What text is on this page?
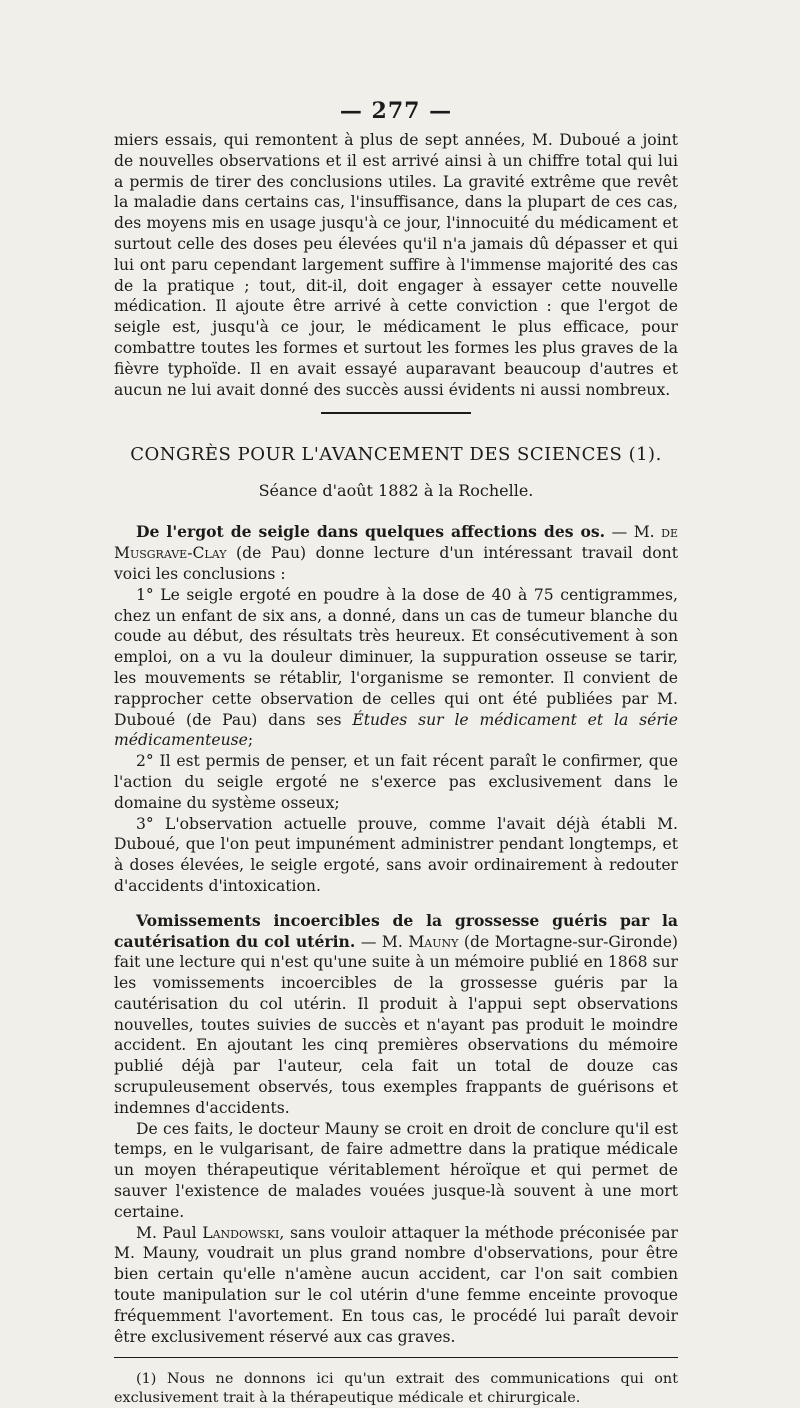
— 277 —

miers essais, qui remontent à plus de sept années, M. Duboué a joint de nouvelles observations et il est arrivé ainsi à un chiffre total qui lui a permis de tirer des conclusions utiles. La gravité extrême que revêt la maladie dans certains cas, l'insuffisance, dans la plupart de ces cas, des moyens mis en usage jusqu'à ce jour, l'innocuité du médicament et surtout celle des doses peu élevées qu'il n'a jamais dû dépasser et qui lui ont paru cependant largement suffire à l'immense majorité des cas de la pratique ; tout, dit-il, doit engager à essayer cette nouvelle médication. Il ajoute être arrivé à cette conviction : que l'ergot de seigle est, jusqu'à ce jour, le médicament le plus efficace, pour combattre toutes les formes et surtout les formes les plus graves de la fièvre typhoïde. Il en avait essayé auparavant beaucoup d'autres et aucun ne lui avait donné des succès aussi évidents ni aussi nombreux.

CONGRÈS POUR L'AVANCEMENT DES SCIENCES (1).
Séance d'août 1882 à la Rochelle.

De l'ergot de seigle dans quelques affections des os. — M. de Musgrave-Clay (de Pau) donne lecture d'un intéressant travail dont voici les conclusions :

1° Le seigle ergoté en poudre à la dose de 40 à 75 centigrammes, chez un enfant de six ans, a donné, dans un cas de tumeur blanche du coude au début, des résultats très heureux. Et consécutivement à son emploi, on a vu la douleur diminuer, la suppuration osseuse se tarir, les mouvements se rétablir, l'organisme se remonter. Il convient de rapprocher cette observation de celles qui ont été publiées par M. Duboué (de Pau) dans ses Études sur le médicament et la série médicamenteuse;

2° Il est permis de penser, et un fait récent paraît le confirmer, que l'action du seigle ergoté ne s'exerce pas exclusivement dans le domaine du système osseux;

3° L'observation actuelle prouve, comme l'avait déjà établi M. Duboué, que l'on peut impunément administrer pendant longtemps, et à doses élevées, le seigle ergoté, sans avoir ordinairement à redouter d'accidents d'intoxication.

Vomissements incoercibles de la grossesse guéris par la cautérisation du col utérin. — M. Mauny (de Mortagne-sur-Gironde) fait une lecture qui n'est qu'une suite à un mémoire publié en 1868 sur les vomissements incoercibles de la grossesse guéris par la cautérisation du col utérin. Il produit à l'appui sept observations nouvelles, toutes suivies de succès et n'ayant pas produit le moindre accident. En ajoutant les cinq premières observations du mémoire publié déjà par l'auteur, cela fait un total de douze cas scrupuleusement observés, tous exemples frappants de guérisons et indemnes d'accidents.

De ces faits, le docteur Mauny se croit en droit de conclure qu'il est temps, en le vulgarisant, de faire admettre dans la pratique médicale un moyen thérapeutique véritablement héroïque et qui permet de sauver l'existence de malades vouées jusque-là souvent à une mort certaine.

M. Paul Landowski, sans vouloir attaquer la méthode préconisée par M. Mauny, voudrait un plus grand nombre d'observations, pour être bien certain qu'elle n'amène aucun accident, car l'on sait combien toute manipulation sur le col utérin d'une femme enceinte provoque fréquemment l'avortement. En tous cas, le procédé lui paraît devoir être exclusivement réservé aux cas graves.

(1) Nous ne donnons ici qu'un extrait des communications qui ont exclusivement trait à la thérapeutique médicale et chirurgicale.
